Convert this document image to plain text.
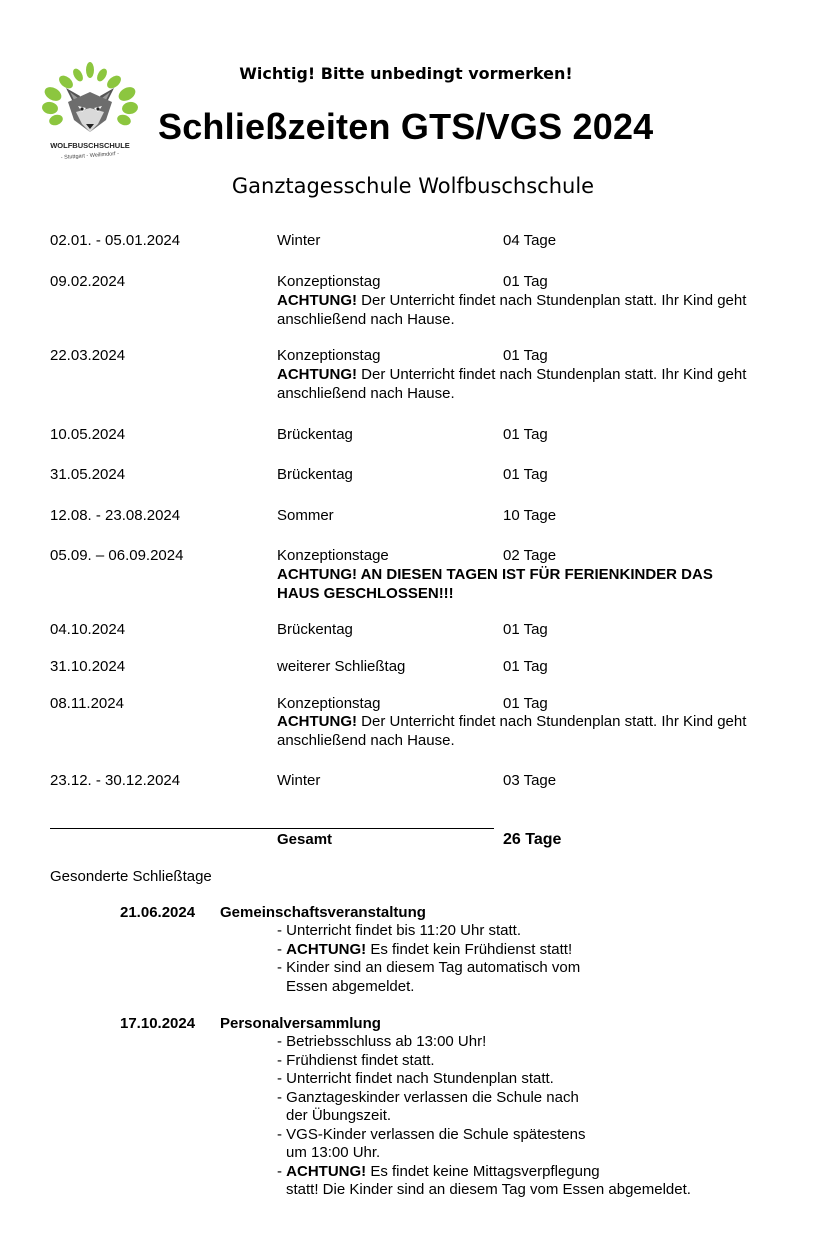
WOLFBUSCHSCHULE
- Stuttgart - Weilimdorf -
Wichtig! Bitte unbedingt vormerken!
Schließzeiten GTS/VGS 2024
Ganztagesschule Wolfbuschschule
02.01. - 05.01.2024	Winter	04 Tage
09.02.2024	Konzeptionstag	01 Tag
ACHTUNG! Der Unterricht findet nach Stundenplan statt. Ihr Kind geht anschließend nach Hause.
22.03.2024	Konzeptionstag	01 Tag
ACHTUNG! Der Unterricht findet nach Stundenplan statt. Ihr Kind geht anschließend nach Hause.
10.05.2024	Brückentag	01 Tag
31.05.2024	Brückentag	01 Tag
12.08. - 23.08.2024	Sommer	10 Tage
05.09. – 06.09.2024	Konzeptionstage	02 Tage
ACHTUNG! AN DIESEN TAGEN IST FÜR FERIENKINDER DAS HAUS GESCHLOSSEN!!!
04.10.2024	Brückentag	01 Tag
31.10.2024	weiterer Schließtag	01 Tag
08.11.2024	Konzeptionstag	01 Tag
ACHTUNG! Der Unterricht findet nach Stundenplan statt. Ihr Kind geht anschließend nach Hause.
23.12. - 30.12.2024	Winter	03 Tage
Gesamt	26 Tage
Gesonderte Schließtage
21.06.2024 Gemeinschaftsveranstaltung
- Unterricht findet bis 11:20 Uhr statt.
- ACHTUNG! Es findet kein Frühdienst statt!
- Kinder sind an diesem Tag automatisch vom
Essen abgemeldet.
17.10.2024 Personalversammlung
- Betriebsschluss ab 13:00 Uhr!
- Frühdienst findet statt.
- Unterricht findet nach Stundenplan statt.
- Ganztageskinder verlassen die Schule nach
der Übungszeit.
- VGS-Kinder verlassen die Schule spätestens
um 13:00 Uhr.
- ACHTUNG! Es findet keine Mittagsverpflegung
statt! Die Kinder sind an diesem Tag vom Essen abgemeldet.
